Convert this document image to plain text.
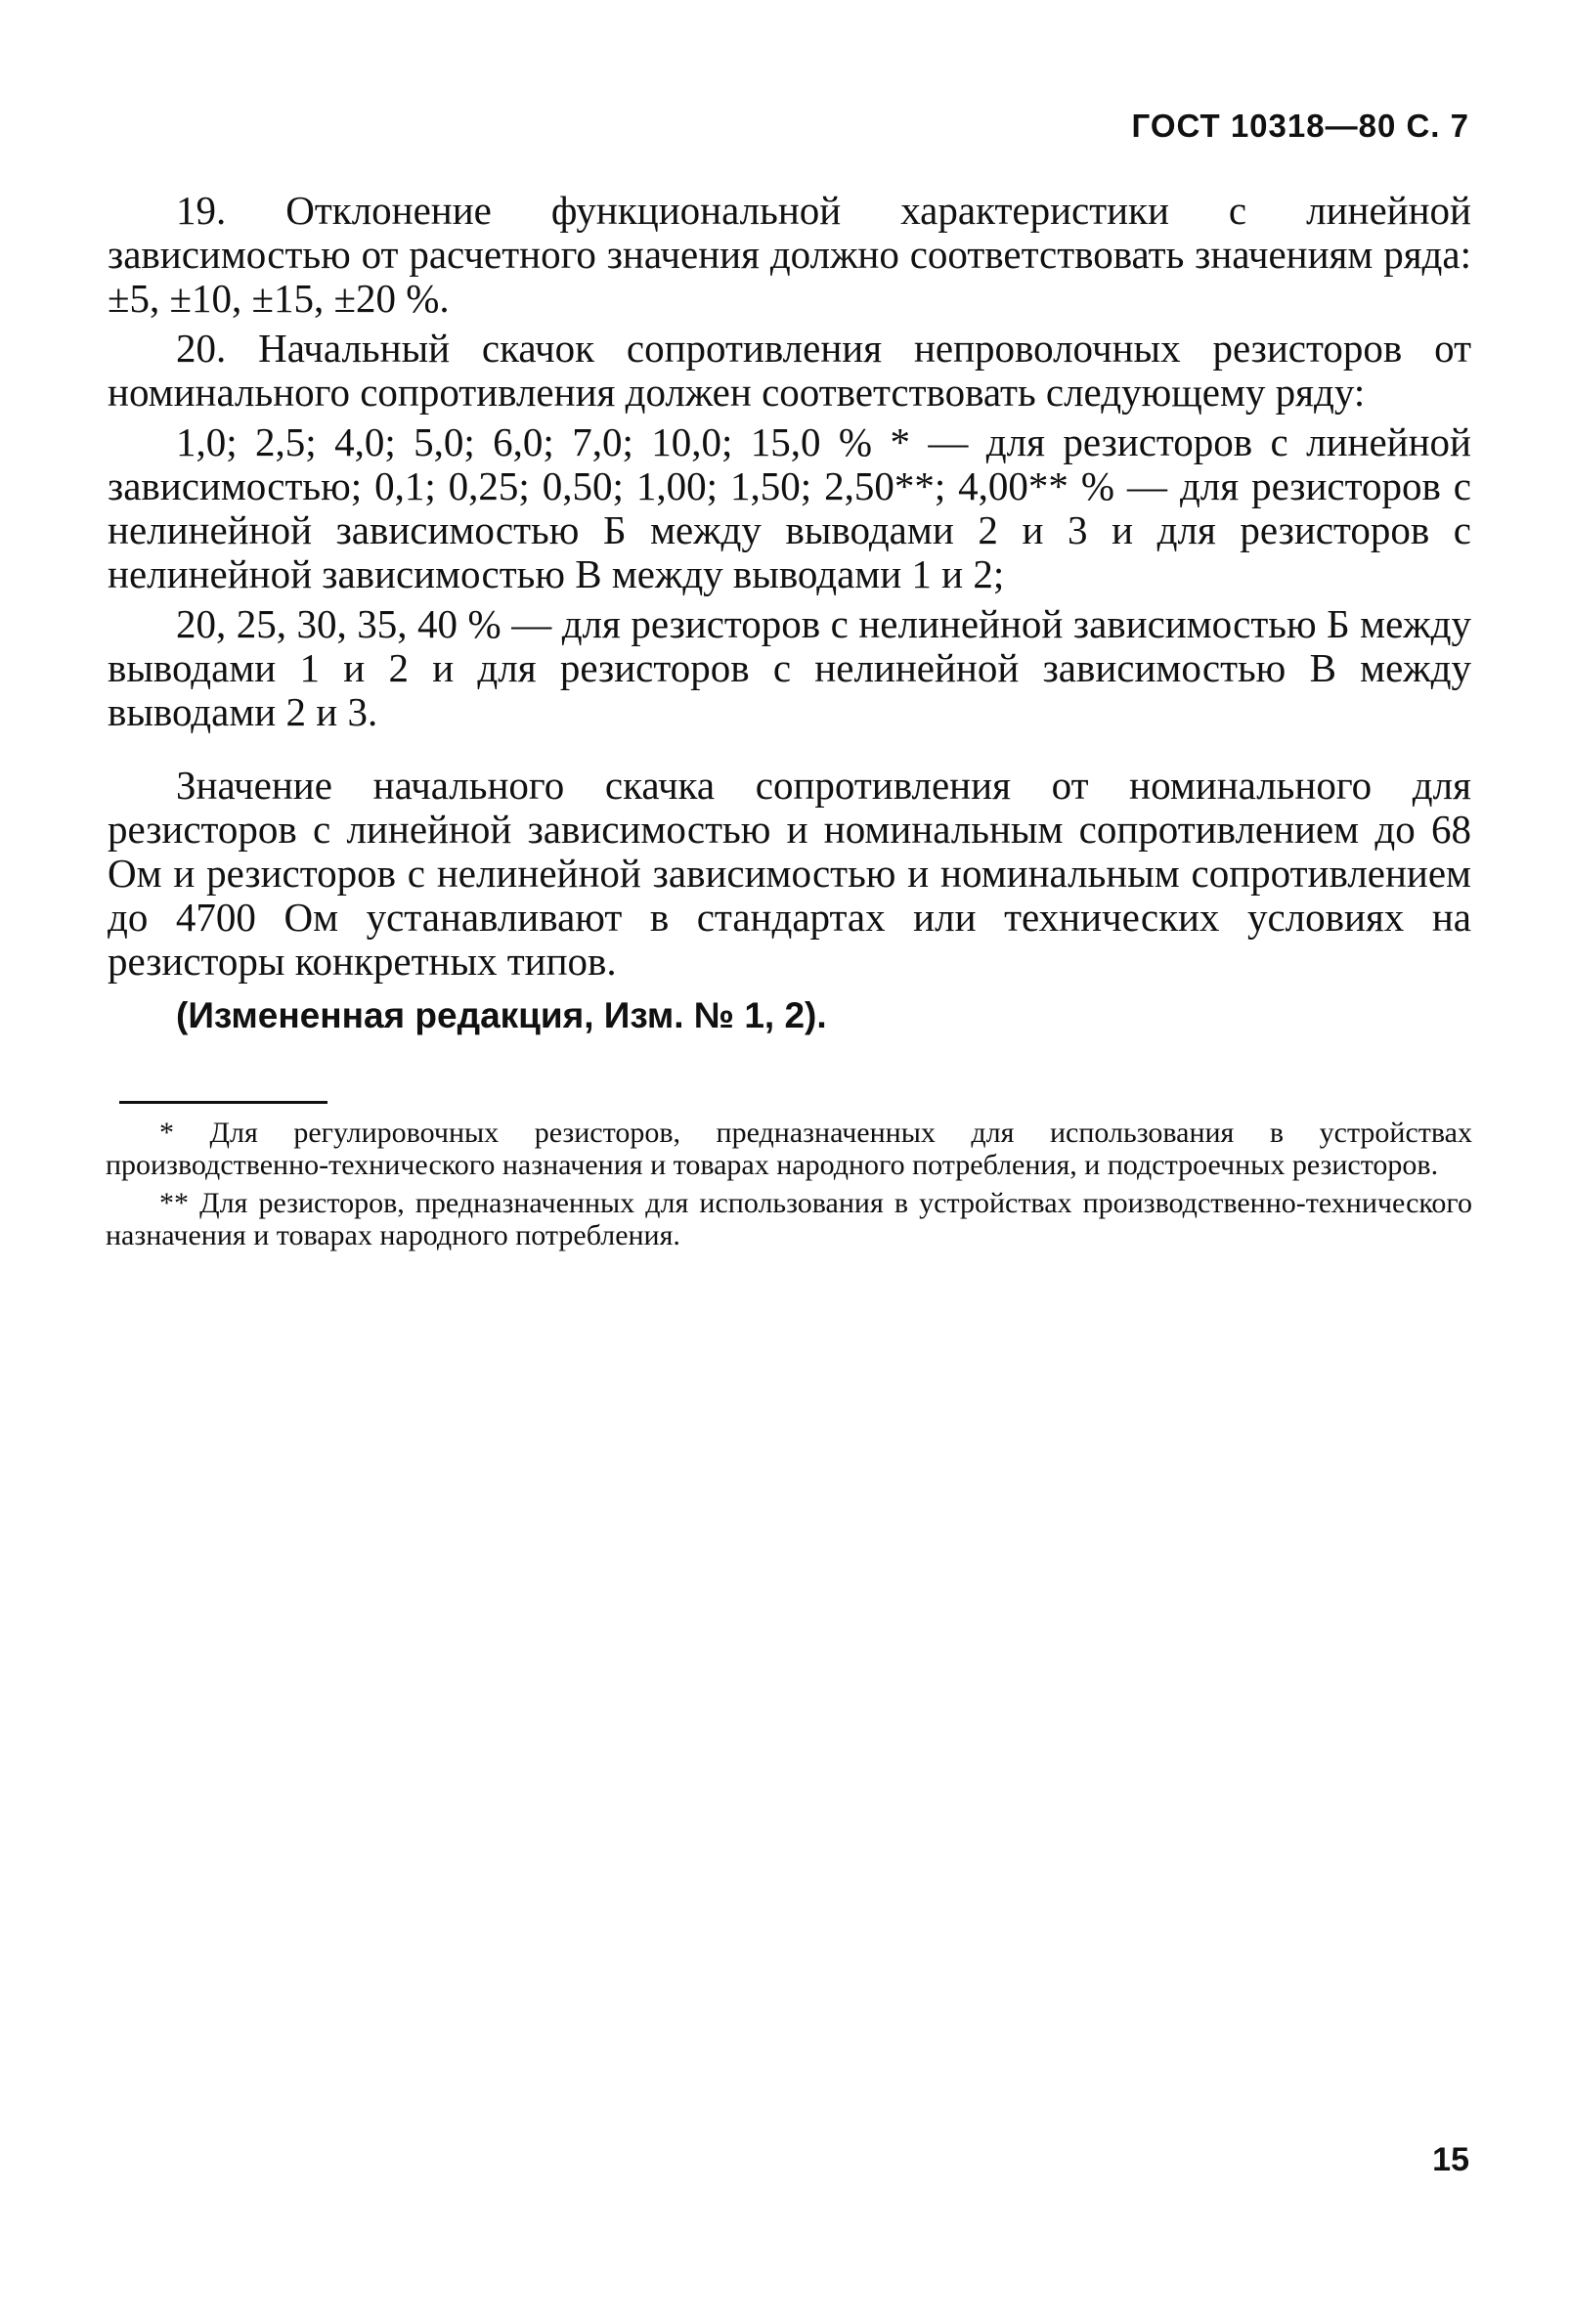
ГОСТ 10318—80 С. 7

19. Отклонение функциональной характеристики с линейной зависимостью от расчетного значения должно соответствовать значениям ряда: ±5, ±10, ±15, ±20 %.

20. Начальный скачок сопротивления непроволочных резисторов от номинального сопротивления должен соответствовать следующему ряду:

1,0; 2,5; 4,0; 5,0; 6,0; 7,0; 10,0; 15,0 % * — для резисторов с линейной зависимостью; 0,1; 0,25; 0,50; 1,00; 1,50; 2,50**; 4,00** % — для резисторов с нелинейной зависимостью Б между выводами 2 и 3 и для резисторов с нелинейной зависимостью В между выводами 1 и 2;

20, 25, 30, 35, 40 % — для резисторов с нелинейной зависимостью Б между выводами 1 и 2 и для резисторов с нелинейной зависимостью В между выводами 2 и 3.

Значение начального скачка сопротивления от номинального для резисторов с линейной зависимостью и номинальным сопротивлением до 68 Ом и резисторов с нелинейной зависимостью и номинальным сопротивлением до 4700 Ом устанавливают в стандартах или технических условиях на резисторы конкретных типов.

(Измененная редакция, Изм. № 1, 2).

* Для регулировочных резисторов, предназначенных для использования в устройствах производственно-технического назначения и товарах народного потребления, и подстроечных резисторов.

** Для резисторов, предназначенных для использования в устройствах производственно-технического назначения и товарах народного потребления.

15
